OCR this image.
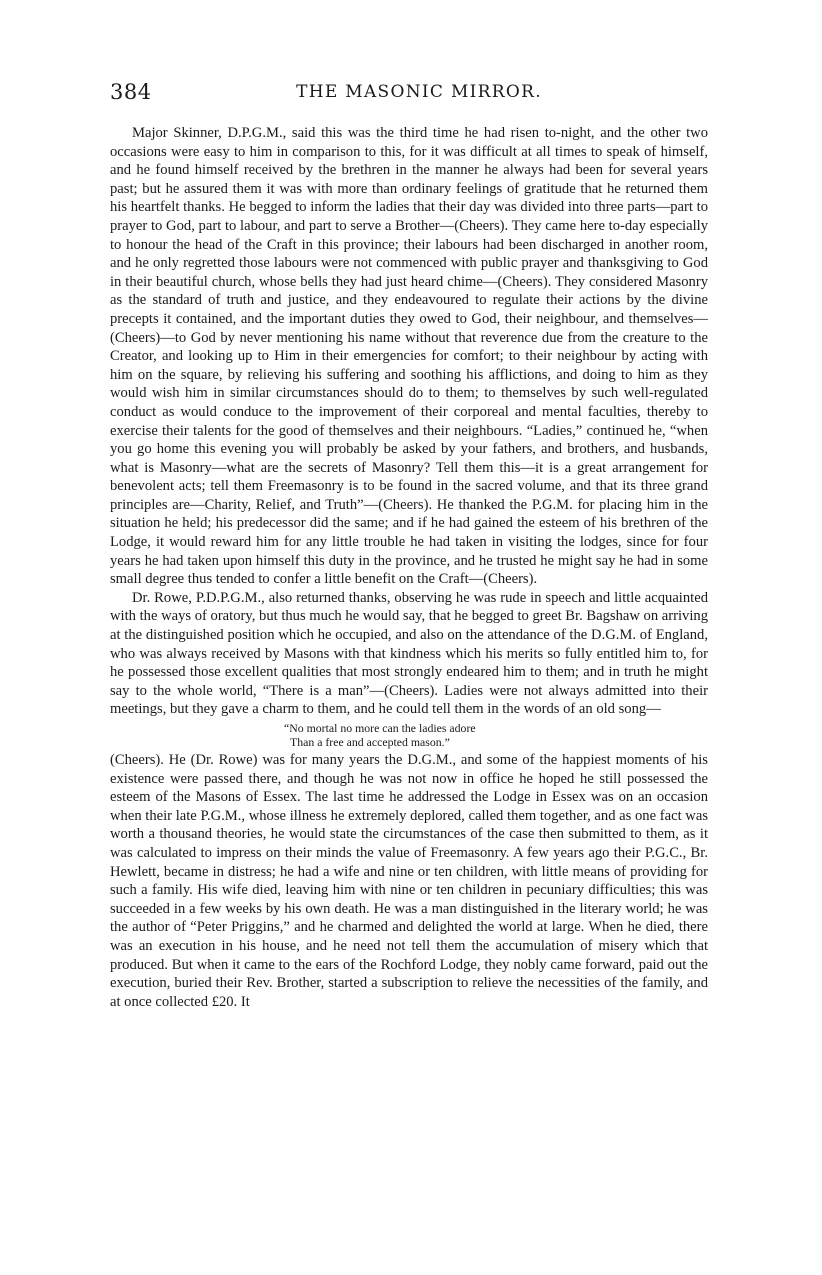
384	THE MASONIC MIRROR.

Major Skinner, D.P.G.M., said this was the third time he had risen to-night, and the other two occasions were easy to him in comparison to this, for it was difficult at all times to speak of himself, and he found himself received by the brethren in the manner he always had been for several years past; but he assured them it was with more than ordinary feelings of gratitude that he returned them his heartfelt thanks. He begged to inform the ladies that their day was divided into three parts—part to prayer to God, part to labour, and part to serve a Brother—(Cheers). They came here to-day especially to honour the head of the Craft in this province; their labours had been discharged in another room, and he only regretted those labours were not commenced with public prayer and thanksgiving to God in their beautiful church, whose bells they had just heard chime—(Cheers). They considered Masonry as the standard of truth and justice, and they endeavoured to regulate their actions by the divine precepts it contained, and the important duties they owed to God, their neighbour, and themselves—(Cheers)—to God by never mentioning his name without that reverence due from the creature to the Creator, and looking up to Him in their emergencies for comfort; to their neighbour by acting with him on the square, by relieving his suffering and soothing his afflictions, and doing to him as they would wish him in similar circumstances should do to them; to themselves by such well-regulated conduct as would conduce to the improvement of their corporeal and mental faculties, thereby to exercise their talents for the good of themselves and their neighbours. “Ladies,” continued he, “when you go home this evening you will probably be asked by your fathers, and brothers, and husbands, what is Masonry—what are the secrets of Masonry? Tell them this—it is a great arrangement for benevolent acts; tell them Freemasonry is to be found in the sacred volume, and that its three grand principles are—Charity, Relief, and Truth”—(Cheers). He thanked the P.G.M. for placing him in the situation he held; his predecessor did the same; and if he had gained the esteem of his brethren of the Lodge, it would reward him for any little trouble he had taken in visiting the lodges, since for four years he had taken upon himself this duty in the province, and he trusted he might say he had in some small degree thus tended to confer a little benefit on the Craft—(Cheers).

Dr. Rowe, P.D.P.G.M., also returned thanks, observing he was rude in speech and little acquainted with the ways of oratory, but thus much he would say, that he begged to greet Br. Bagshaw on arriving at the distinguished position which he occupied, and also on the attendance of the D.G.M. of England, who was always received by Masons with that kindness which his merits so fully entitled him to, for he possessed those excellent qualities that most strongly endeared him to them; and in truth he might say to the whole world, “There is a man”—(Cheers). Ladies were not always admitted into their meetings, but they gave a charm to them, and he could tell them in the words of an old song—

“No mortal no more can the ladies adore
Than a free and accepted mason.”

(Cheers). He (Dr. Rowe) was for many years the D.G.M., and some of the happiest moments of his existence were passed there, and though he was not now in office he hoped he still possessed the esteem of the Masons of Essex. The last time he addressed the Lodge in Essex was on an occasion when their late P.G.M., whose illness he extremely deplored, called them together, and as one fact was worth a thousand theories, he would state the circumstances of the case then submitted to them, as it was calculated to impress on their minds the value of Freemasonry. A few years ago their P.G.C., Br. Hewlett, became in distress; he had a wife and nine or ten children, with little means of providing for such a family. His wife died, leaving him with nine or ten children in pecuniary difficulties; this was succeeded in a few weeks by his own death. He was a man distinguished in the literary world; he was the author of “Peter Priggins,” and he charmed and delighted the world at large. When he died, there was an execution in his house, and he need not tell them the accumulation of misery which that produced. But when it came to the ears of the Rochford Lodge, they nobly came forward, paid out the execution, buried their Rev. Brother, started a subscription to relieve the necessities of the family, and at once collected £20. It
